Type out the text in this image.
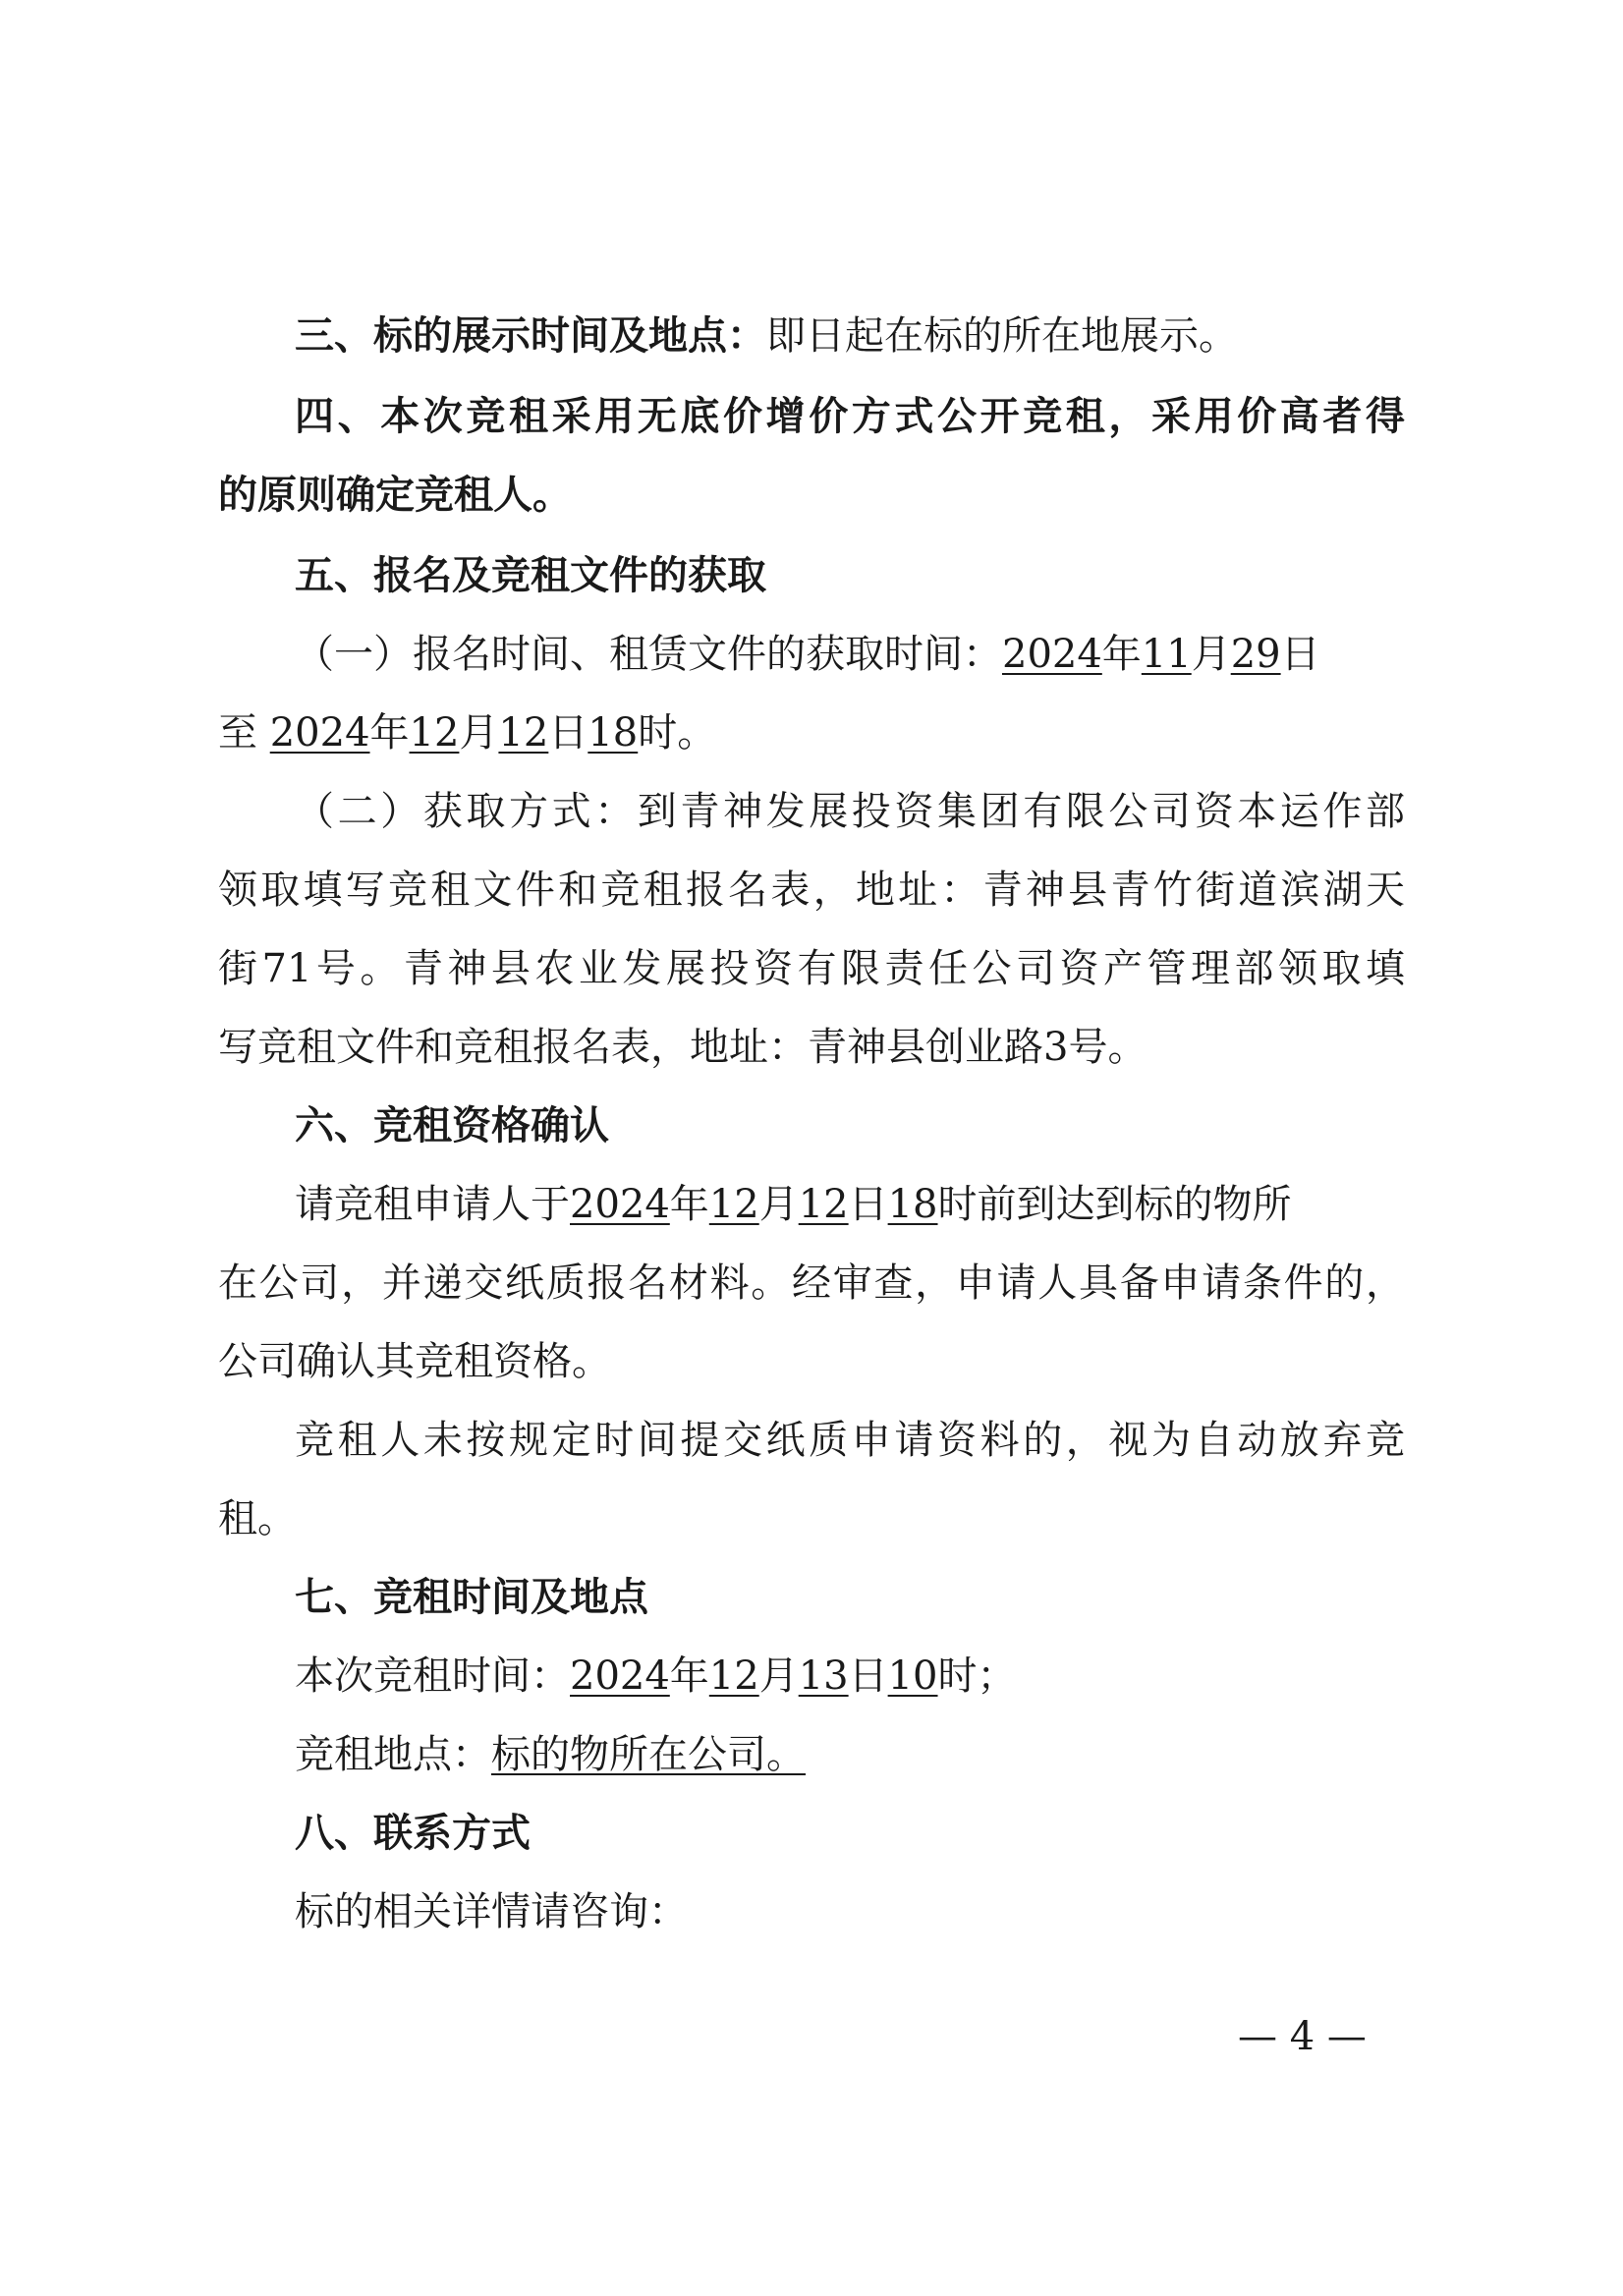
三、标的展示时间及地点：即日起在标的所在地展示。
四、本次竞租采用无底价增价方式公开竞租，采用价高者得
的原则确定竞租人。
五、报名及竞租文件的获取
（一）报名时间、租赁文件的获取时间：2024年11月29日
至 2024年12月12日18时。
（二）获取方式：到青神发展投资集团有限公司资本运作部
领取填写竞租文件和竞租报名表，地址：青神县青竹街道滨湖天
街71号。青神县农业发展投资有限责任公司资产管理部领取填
写竞租文件和竞租报名表，地址：青神县创业路3号。
六、竞租资格确认
请竞租申请人于2024年12月12日18时前到达到标的物所
在公司，并递交纸质报名材料。经审查，申请人具备申请条件的，
公司确认其竞租资格。
竞租人未按规定时间提交纸质申请资料的，视为自动放弃竞
租。
七、竞租时间及地点
本次竞租时间：2024年12月13日10时；
竞租地点：标的物所在公司。
八、联系方式
标的相关详情请咨询：
— 4 —
